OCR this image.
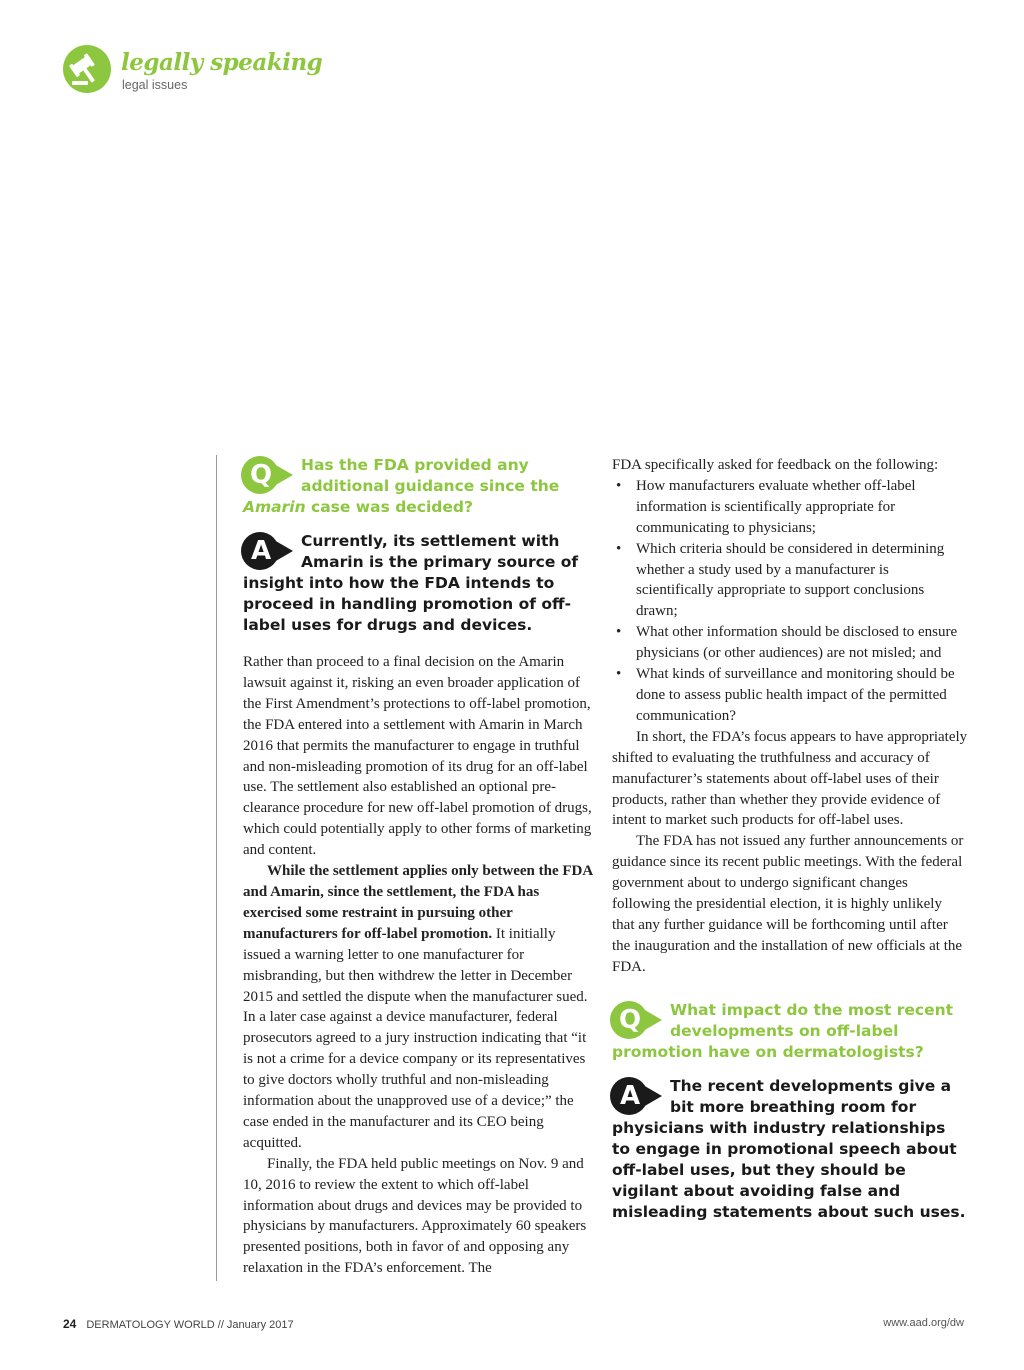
legally speaking
legal issues
Q	Has the FDA provided any additional guidance since the Amarin case was decided?
A	Currently, its settlement with Amarin is the primary source of insight into how the FDA intends to proceed in handling promotion of off-label uses for drugs and devices.

Rather than proceed to a final decision on the Amarin lawsuit against it, risking an even broader application of the First Amendment’s protections to off-label promotion, the FDA entered into a settlement with Amarin in March 2016 that permits the manufacturer to engage in truthful and non-misleading promotion of its drug for an off-label use. The settlement also established an optional pre-clearance procedure for new off-label promotion of drugs, which could potentially apply to other forms of marketing and content.

While the settlement applies only between the FDA and Amarin, since the settlement, the FDA has exercised some restraint in pursuing other manufacturers for off-label promotion. It initially issued a warning letter to one manufacturer for misbranding, but then withdrew the letter in December 2015 and settled the dispute when the manufacturer sued. In a later case against a device manufacturer, federal prosecutors agreed to a jury instruction indicating that “it is not a crime for a device company or its representatives to give doctors wholly truthful and non-misleading information about the unapproved use of a device;” the case ended in the manufacturer and its CEO being acquitted.

Finally, the FDA held public meetings on Nov. 9 and 10, 2016 to review the extent to which off-label information about drugs and devices may be provided to physicians by manufacturers. Approximately 60 speakers presented positions, both in favor of and opposing any relaxation in the FDA’s enforcement. The

FDA specifically asked for feedback on the following:

• How manufacturers evaluate whether off-label information is scientifically appropriate for communicating to physicians;
• Which criteria should be considered in determining whether a study used by a manufacturer is scientifically appropriate to support conclusions drawn;
• What other information should be disclosed to ensure physicians (or other audiences) are not misled; and
• What kinds of surveillance and monitoring should be done to assess public health impact of the permitted communication?

In short, the FDA’s focus appears to have appropriately shifted to evaluating the truthfulness and accuracy of manufacturer’s statements about off-label uses of their products, rather than whether they provide evidence of intent to market such products for off-label uses.

The FDA has not issued any further announcements or guidance since its recent public meetings. With the federal government about to undergo significant changes following the presidential election, it is highly unlikely that any further guidance will be forthcoming until after the inauguration and the installation of new officials at the FDA.

Q	What impact do the most recent developments on off-label promotion have on dermatologists?
A	The recent developments give a bit more breathing room for physicians with industry relationships to engage in promotional speech about off-label uses, but they should be vigilant about avoiding false and misleading statements about such uses.
24 DERMATOLOGY WORLD // January 2017	www.aad.org/dw
